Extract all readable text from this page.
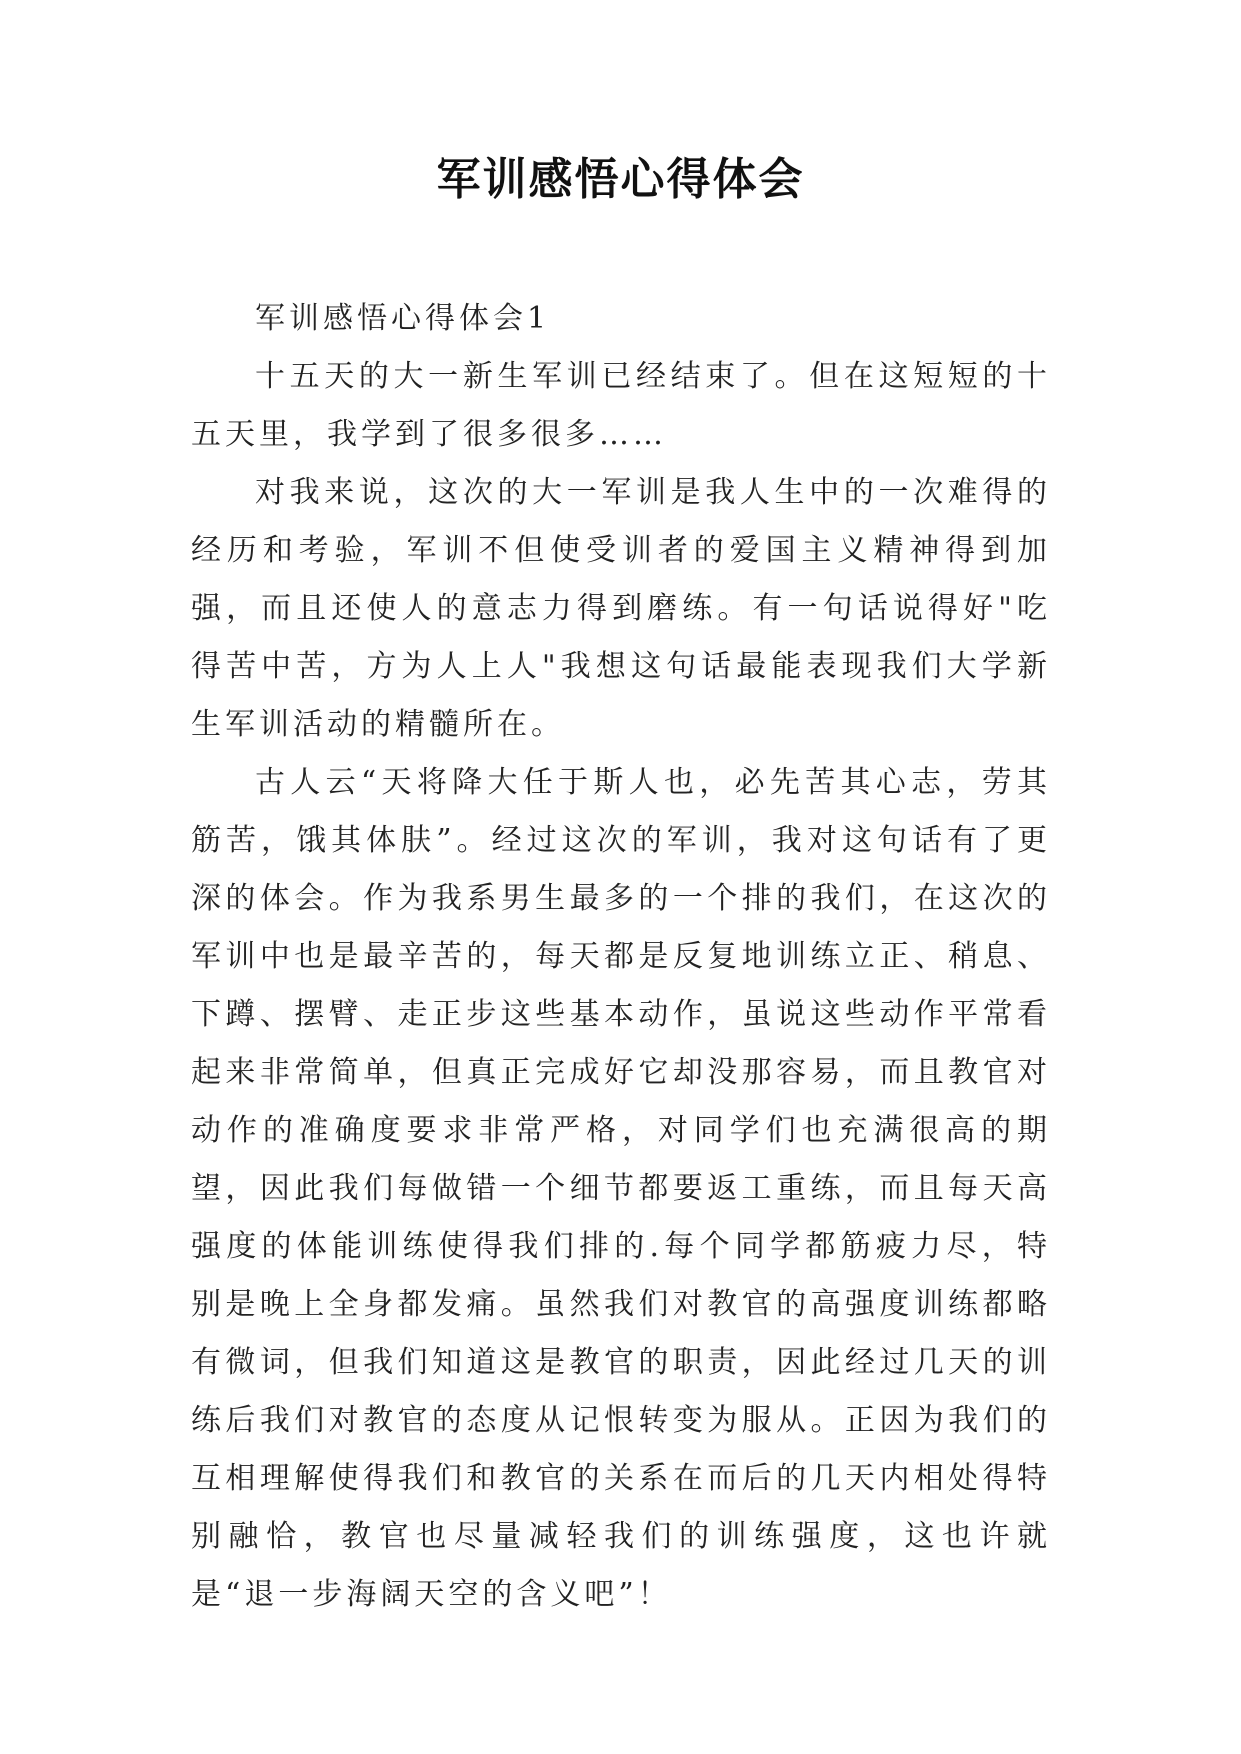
军训感悟心得体会

军训感悟心得体会1

十五天的大一新生军训已经结束了。但在这短短的十五天里，我学到了很多很多……

对我来说，这次的大一军训是我人生中的一次难得的经历和考验，军训不但使受训者的爱国主义精神得到加强，而且还使人的意志力得到磨练。有一句话说得好"吃得苦中苦，方为人上人"我想这句话最能表现我们大学新生军训活动的精髓所在。

古人云“天将降大任于斯人也，必先苦其心志，劳其筋苦，饿其体肤”。经过这次的军训，我对这句话有了更深的体会。作为我系男生最多的一个排的我们，在这次的军训中也是最辛苦的，每天都是反复地训练立正、稍息、下蹲、摆臂、走正步这些基本动作，虽说这些动作平常看起来非常简单，但真正完成好它却没那容易，而且教官对动作的准确度要求非常严格，对同学们也充满很高的期望，因此我们每做错一个细节都要返工重练，而且每天高强度的体能训练使得我们排的.每个同学都筋疲力尽，特别是晚上全身都发痛。虽然我们对教官的高强度训练都略有微词，但我们知道这是教官的职责，因此经过几天的训练后我们对教官的态度从记恨转变为服从。正因为我们的互相理解使得我们和教官的关系在而后的几天内相处得特别融恰，教官也尽量减轻我们的训练强度，这也许就是“退一步海阔天空的含义吧”！
